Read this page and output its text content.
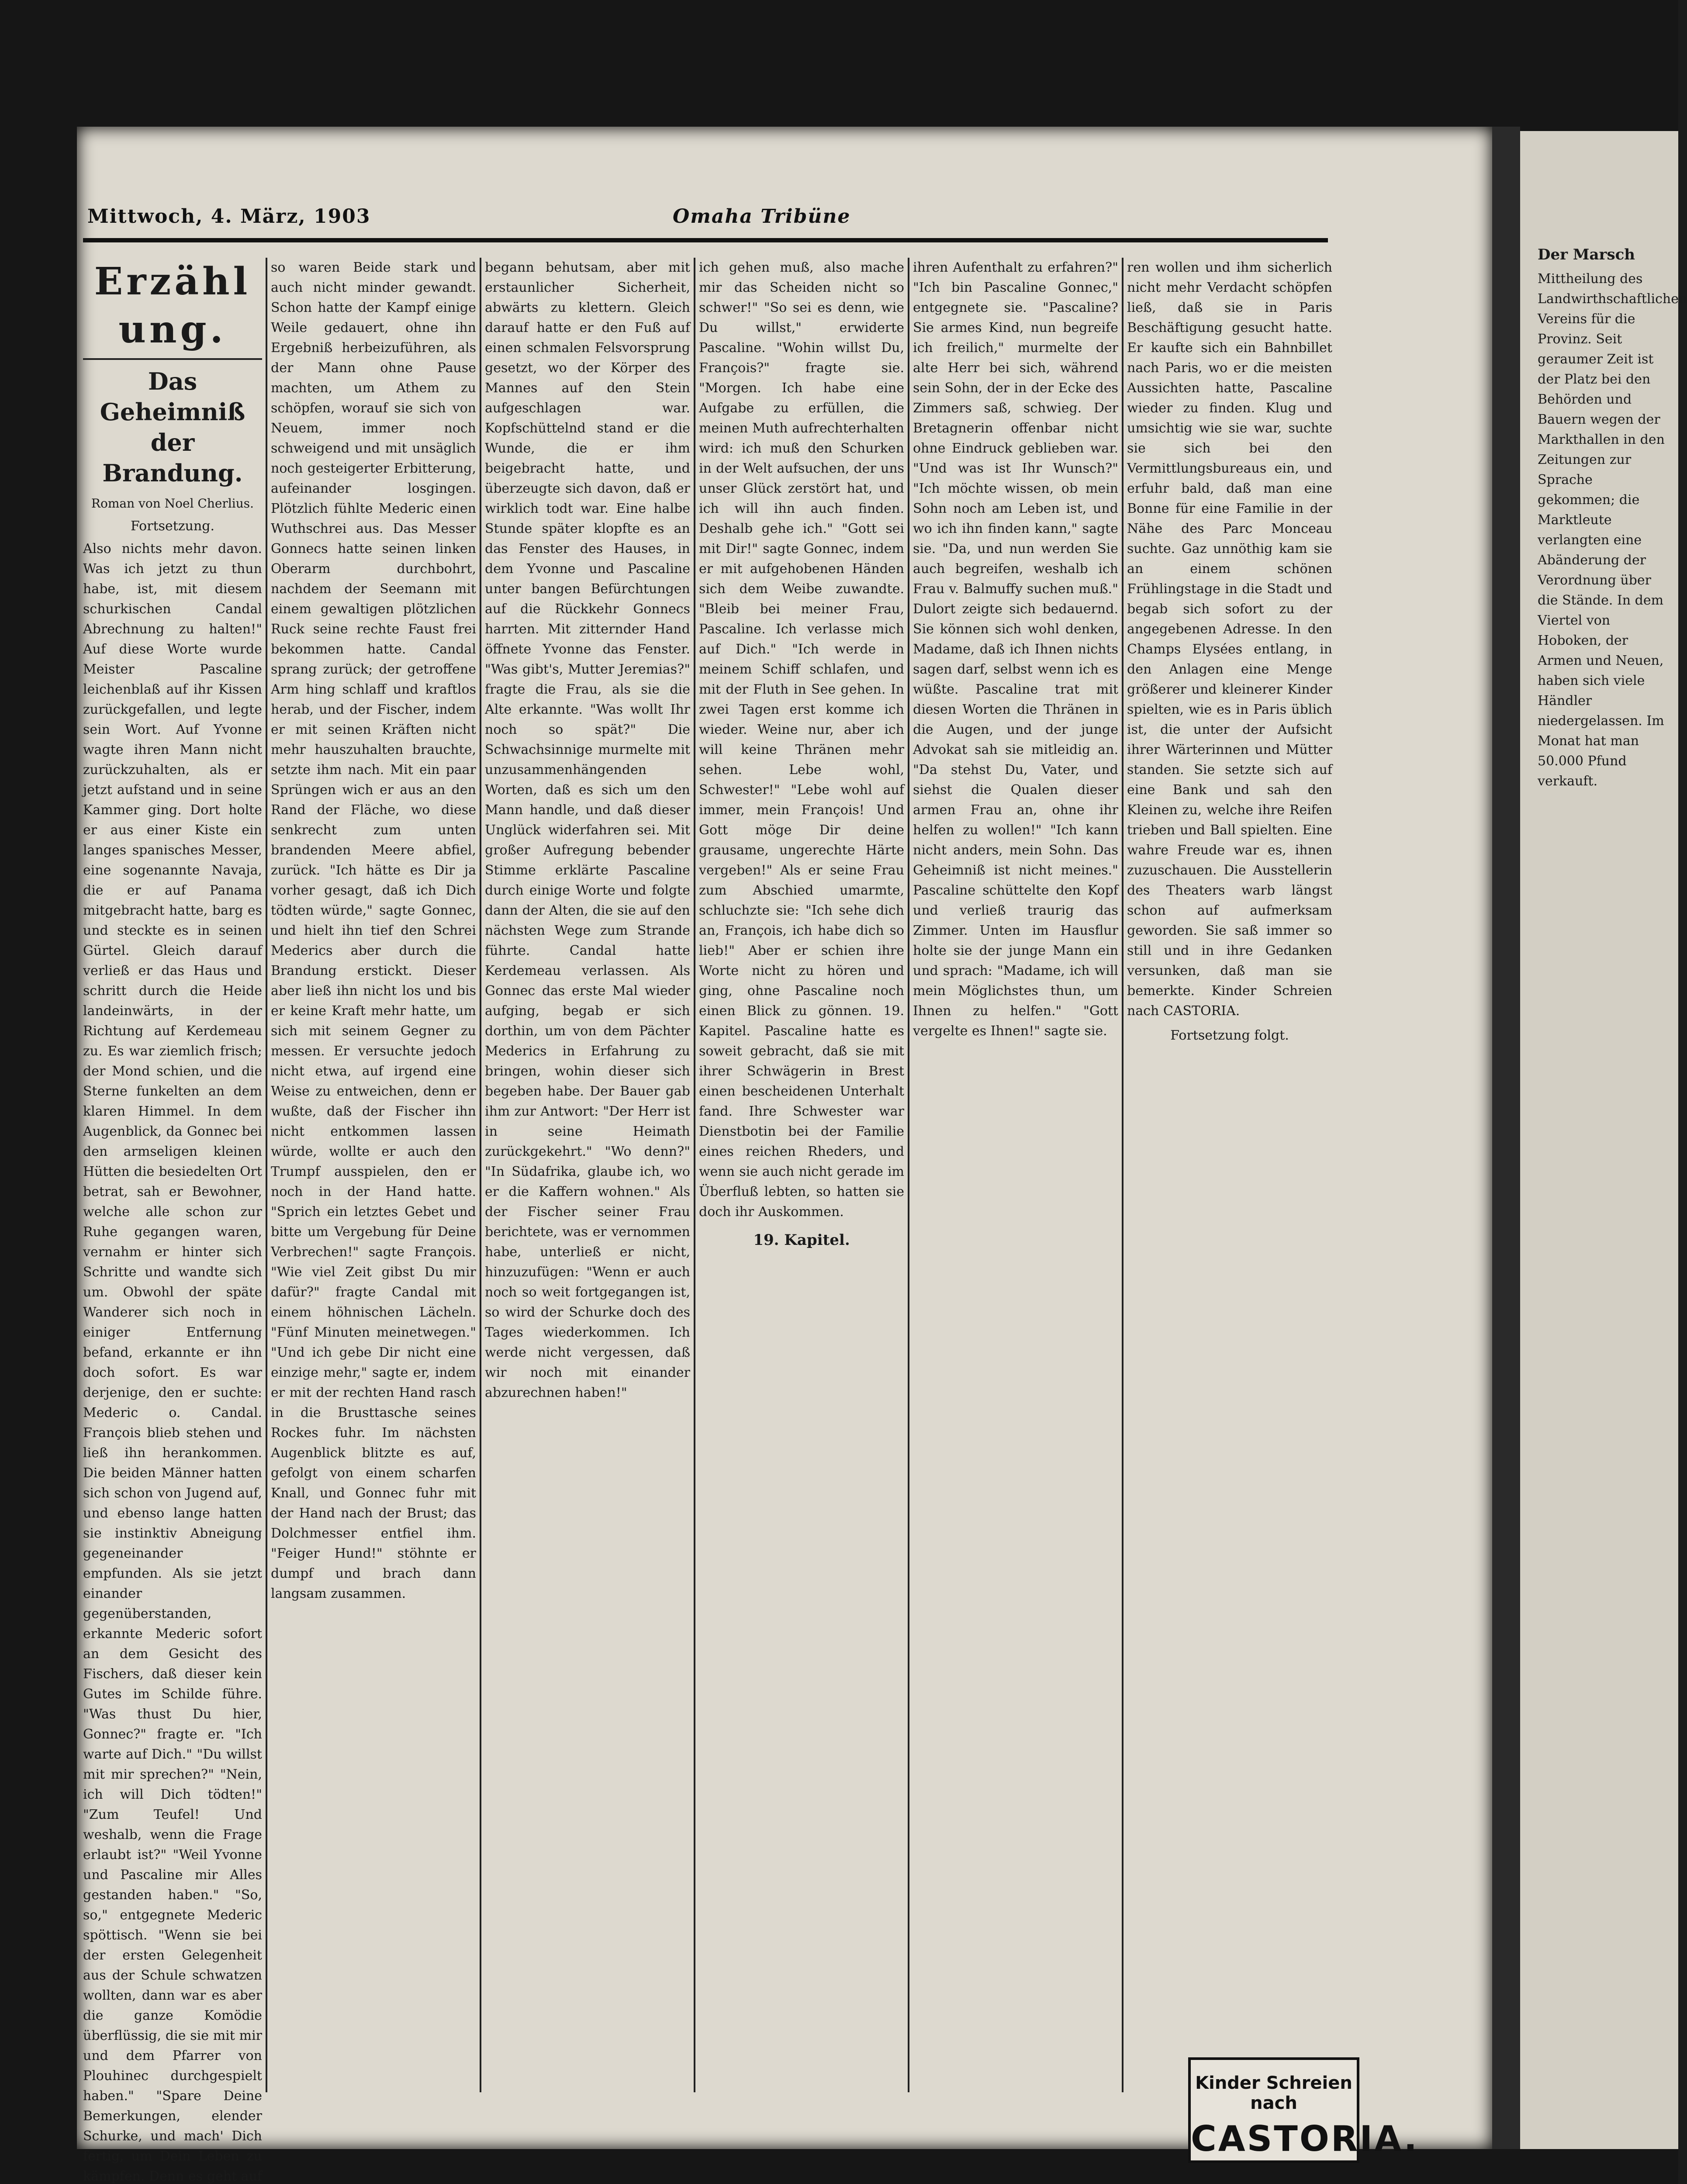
Mittwoch, 4. März, 1903	Omaha Tribüne
Erzählung.
Das Geheimniß der Brandung.
Roman von Noel Cherlius.
Fortsetzung.
Also nichts mehr davon. Was ich jetzt zu thun habe, ist, mit diesem schurkischen Candal Abrechnung zu halten!" Auf diese Worte wurde Meister Pascaline leichenblaß auf ihr Kissen zurückgefallen, und legte sein Wort. Auf Yvonne wagte ihren Mann nicht zurückzuhalten, als er jetzt aufstand und in seine Kammer ging. Dort holte er aus einer Kiste ein langes spanisches Messer, eine sogenannte Navaja, die er auf Panama mitgebracht hatte, barg es und steckte es in seinen Gürtel. Gleich darauf verließ er das Haus und schritt durch die Heide landeinwärts, in der Richtung auf Kerdemeau zu. Es war ziemlich frisch; der Mond schien, und die Sterne funkelten an dem klaren Himmel. In dem Augenblick, da Gonnec bei den armseligen kleinen Hütten die besiedelten Ort betrat, sah er Bewohner, welche alle schon zur Ruhe gegangen waren, vernahm er hinter sich Schritte und wandte sich um. Obwohl der späte Wanderer sich noch in einiger Entfernung befand, erkannte er ihn doch sofort. Es war derjenige, den er suchte: Mederic o. Candal. François blieb stehen und ließ ihn herankommen. Die beiden Männer hatten sich schon von Jugend auf, und ebenso lange hatten sie instinktiv Abneigung gegeneinander empfunden. Als sie jetzt einander gegenüberstanden, erkannte Mederic sofort an dem Gesicht des Fischers, daß dieser kein Gutes im Schilde führe. "Was thust Du hier, Gonnec?" fragte er. "Ich warte auf Dich." "Du willst mit mir sprechen?" "Nein, ich will Dich tödten!" "Zum Teufel! Und weshalb, wenn die Frage erlaubt ist?" "Weil Yvonne und Pascaline mir Alles gestanden haben." "So, so," entgegnete Mederic spöttisch. "Wenn sie bei der ersten Gelegenheit aus der Schule schwatzen wollten, dann war es aber die ganze Komödie überflüssig, die sie mit mir und dem Pfarrer von Plouhinec durchgespielt haben." "Spare Deine Bemerkungen, elender Schurke, und mach' Dich fertig, um Dein Leben zu kämpfen. Denn es geht auf
so waren Beide stark und auch nicht minder gewandt. Schon hatte der Kampf einige Weile gedauert, ohne ihn Ergebniß herbeizuführen, als der Mann ohne Pause machten, um Athem zu schöpfen, worauf sie sich von Neuem, immer noch schweigend und mit unsäglich noch gesteigerter Erbitterung, aufeinander losgingen. Plötzlich fühlte Mederic einen Wuthschrei aus. Das Messer Gonnecs hatte seinen linken Oberarm durchbohrt, nachdem der Seemann mit einem gewaltigen plötzlichen Ruck seine rechte Faust frei bekommen hatte. Candal sprang zurück; der getroffene Arm hing schlaff und kraftlos herab, und der Fischer, indem er mit seinen Kräften nicht mehr hauszuhalten brauchte, setzte ihm nach. Mit ein paar Sprüngen wich er aus an den Rand der Fläche, wo diese senkrecht zum unten brandenden Meere abfiel, zurück. "Ich hätte es Dir ja vorher gesagt, daß ich Dich tödten würde," sagte Gonnec, und hielt ihn tief den Schrei Mederics aber durch die Brandung erstickt. Dieser aber ließ ihn nicht los und bis er keine Kraft mehr hatte, um sich mit seinem Gegner zu messen. Er versuchte jedoch nicht etwa, auf irgend eine Weise zu entweichen, denn er wußte, daß der Fischer ihn nicht entkommen lassen würde, wollte er auch den Trumpf ausspielen, den er noch in der Hand hatte. "Sprich ein letztes Gebet und bitte um Vergebung für Deine Verbrechen!" sagte François. "Wie viel Zeit gibst Du mir dafür?" fragte Candal mit einem höhnischen Lächeln. "Fünf Minuten meinetwegen." "Und ich gebe Dir nicht eine einzige mehr," sagte er, indem er mit der rechten Hand rasch in die Brusttasche seines Rockes fuhr. Im nächsten Augenblick blitzte es auf, gefolgt von einem scharfen Knall, und Gonnec fuhr mit der Hand nach der Brust; das Dolchmesser entfiel ihm. "Feiger Hund!" stöhnte er dumpf und brach dann langsam zusammen.
begann behutsam, aber mit erstaunlicher Sicherheit, abwärts zu klettern. Gleich darauf hatte er den Fuß auf einen schmalen Felsvorsprung gesetzt, wo der Körper des Mannes auf den Stein aufgeschlagen war. Kopfschüttelnd stand er die Wunde, die er ihm beigebracht hatte, und überzeugte sich davon, daß er wirklich todt war. Eine halbe Stunde später klopfte es an das Fenster des Hauses, in dem Yvonne und Pascaline unter bangen Befürchtungen auf die Rückkehr Gonnecs harrten. Mit zitternder Hand öffnete Yvonne das Fenster. "Was gibt's, Mutter Jeremias?" fragte die Frau, als sie die Alte erkannte. "Was wollt Ihr noch so spät?" Die Schwachsinnige murmelte mit unzusammenhängenden Worten, daß es sich um den Mann handle, und daß dieser Unglück widerfahren sei. Mit großer Aufregung bebender Stimme erklärte Pascaline durch einige Worte und folgte dann der Alten, die sie auf den nächsten Wege zum Strande führte. Candal hatte Kerdemeau verlassen. Als Gonnec das erste Mal wieder aufging, begab er sich dorthin, um von dem Pächter Mederics in Erfahrung zu bringen, wohin dieser sich begeben habe. Der Bauer gab ihm zur Antwort: "Der Herr ist in seine Heimath zurückgekehrt." "Wo denn?" "In Südafrika, glaube ich, wo er die Kaffern wohnen." Als der Fischer seiner Frau berichtete, was er vernommen habe, unterließ er nicht, hinzuzufügen: "Wenn er auch noch so weit fortgegangen ist, so wird der Schurke doch des Tages wiederkommen. Ich werde nicht vergessen, daß wir noch mit einander abzurechnen haben!"
ich gehen muß, also mache mir das Scheiden nicht so schwer!" "So sei es denn, wie Du willst," erwiderte Pascaline. "Wohin willst Du, François?" fragte sie. "Morgen. Ich habe eine Aufgabe zu erfüllen, die meinen Muth aufrechterhalten wird: ich muß den Schurken in der Welt aufsuchen, der uns unser Glück zerstört hat, und ich will ihn auch finden. Deshalb gehe ich." "Gott sei mit Dir!" sagte Gonnec, indem er mit aufgehobenen Händen sich dem Weibe zuwandte. "Bleib bei meiner Frau, Pascaline. Ich verlasse mich auf Dich." "Ich werde in meinem Schiff schlafen, und mit der Fluth in See gehen. In zwei Tagen erst komme ich wieder. Weine nur, aber ich will keine Thränen mehr sehen. Lebe wohl, Schwester!" "Lebe wohl auf immer, mein François! Und Gott möge Dir deine grausame, ungerechte Härte vergeben!" Als er seine Frau zum Abschied umarmte, schluchzte sie: "Ich sehe dich an, François, ich habe dich so lieb!" Aber er schien ihre Worte nicht zu hören und ging, ohne Pascaline noch einen Blick zu gönnen. 19. Kapitel. Pascaline hatte es soweit gebracht, daß sie mit ihrer Schwägerin in Brest einen bescheidenen Unterhalt fand. Ihre Schwester war Dienstbotin bei der Familie eines reichen Rheders, und wenn sie auch nicht gerade im Überfluß lebten, so hatten sie doch ihr Auskommen.
19. Kapitel.
ihren Aufenthalt zu erfahren?" "Ich bin Pascaline Gonnec," entgegnete sie. "Pascaline? Sie armes Kind, nun begreife ich freilich," murmelte der alte Herr bei sich, während sein Sohn, der in der Ecke des Zimmers saß, schwieg. Der Bretagnerin offenbar nicht ohne Eindruck geblieben war. "Und was ist Ihr Wunsch?" "Ich möchte wissen, ob mein Sohn noch am Leben ist, und wo ich ihn finden kann," sagte sie. "Da, und nun werden Sie auch begreifen, weshalb ich Frau v. Balmuffy suchen muß." Dulort zeigte sich bedauernd. Sie können sich wohl denken, Madame, daß ich Ihnen nichts sagen darf, selbst wenn ich es wüßte. Pascaline trat mit diesen Worten die Thränen in die Augen, und der junge Advokat sah sie mitleidig an. "Da stehst Du, Vater, und siehst die Qualen dieser armen Frau an, ohne ihr helfen zu wollen!" "Ich kann nicht anders, mein Sohn. Das Geheimniß ist nicht meines." Pascaline schüttelte den Kopf und verließ traurig das Zimmer. Unten im Hausflur holte sie der junge Mann ein und sprach: "Madame, ich will mein Möglichstes thun, um Ihnen zu helfen." "Gott vergelte es Ihnen!" sagte sie.
ren wollen und ihm sicherlich nicht mehr Verdacht schöpfen ließ, daß sie in Paris Beschäftigung gesucht hatte. Er kaufte sich ein Bahnbillet nach Paris, wo er die meisten Aussichten hatte, Pascaline wieder zu finden. Klug und umsichtig wie sie war, suchte sie sich bei den Vermittlungsbureaus ein, und erfuhr bald, daß man eine Bonne für eine Familie in der Nähe des Parc Monceau suchte. Gaz unnöthig kam sie an einem schönen Frühlingstage in die Stadt und begab sich sofort zu der angegebenen Adresse. In den Champs Elysées entlang, in den Anlagen eine Menge größerer und kleinerer Kinder spielten, wie es in Paris üblich ist, die unter der Aufsicht ihrer Wärterinnen und Mütter standen. Sie setzte sich auf eine Bank und sah den Kleinen zu, welche ihre Reifen trieben und Ball spielten. Eine wahre Freude war es, ihnen zuzuschauen. Die Ausstellerin des Theaters warb längst schon auf aufmerksam geworden. Sie saß immer so still und in ihre Gedanken versunken, daß man sie bemerkte. Kinder Schreien nach CASTORIA.
Fortsetzung folgt.
Kinder Schreien nach
CASTORIA.
Der Marsch
Mittheilung des Landwirthschaftlichen Vereins für die Provinz. Seit geraumer Zeit ist der Platz bei den Behörden und Bauern wegen der Markthallen in den Zeitungen zur Sprache gekommen; die Marktleute verlangten eine Abänderung der Verordnung über die Stände. In dem Viertel von Hoboken, der Armen und Neuen, haben sich viele Händler niedergelassen. Im Monat hat man 50.000 Pfund verkauft.
